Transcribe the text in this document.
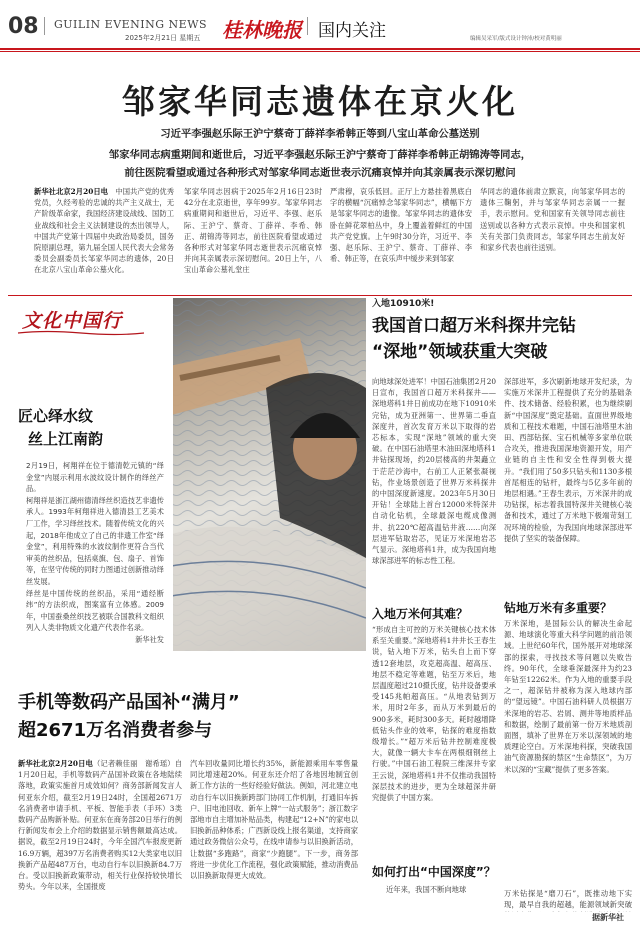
08 GUILIN EVENING NEWS
2025年2月21日 星期五 桂林晚报 国内关注	编辑吴采军/版式设计钟沛/校对黄明丽
邹家华同志遗体在京火化
习近平李强赵乐际王沪宁蔡奇丁薛祥李希韩正等到八宝山革命公墓送别
邹家华同志病重期间和逝世后，习近平李强赵乐际王沪宁蔡奇丁薛祥李希韩正胡锦涛等同志，
前往医院看望或通过各种形式对邹家华同志逝世表示沉痛哀悼并向其亲属表示深切慰问
新华社北京2月20日电　 中国共产党的优秀党员，久经考验的忠诚的共产主义战士，无产阶级革命家，我国经济建设战线、国防工业战线和社会主义法制建设的杰出领导人，中国共产党第十四届中央政治局委员，国务院原副总理，第九届全国人民代表大会常务委员会副委员长邹家华同志的遗体，20日在北京八宝山革命公墓火化。
邹家华同志因病于2025年2月16日23时42分在北京逝世，享年99岁。邹家华同志病重期间和逝世后，习近平、李强、赵乐际、王沪宁、蔡奇、丁薛祥、李希、韩正、胡锦涛等同志，前往医院看望或通过各种形式对邹家华同志逝世表示沉痛哀悼并向其亲属表示深切慰问。20日上午，八宝山革命公墓礼堂庄
严肃穆，哀乐低回。正厅上方悬挂着黑底白字的横幅“沉痛悼念邹家华同志”，横幅下方是邹家华同志的遗像。邹家华同志的遗体安卧在鲜花翠柏丛中，身上覆盖着鲜红的中国共产党党旗。上午9时30分许，习近平、李强、赵乐际、王沪宁、蔡奇、丁薛祥、李希、韩正等，在哀乐声中缓步来到邹家
华同志的遗体前肃立默哀，向邹家华同志的遗体三鞠躬，并与邹家华同志亲属一一握手，表示慰问。党和国家有关领导同志前往送别或以各种方式表示哀悼。中央和国家机关有关部门负责同志，邹家华同志生前友好和家乡代表也前往送别。
文化中国行
匠心绎水纹
丝上江南韵
2月19日，柯翔祥在位于德清乾元镇的“绎金堂”内展示利用水波纹设计制作的绎丝产品。
柯翔祥是浙江湖州德清绎丝织造技艺非遗传承人。1993年柯翔祥进入德清县工艺美术厂工作，学习绎丝技术。随着传统文化的兴起，2018年他成立了自己的非遗工作室“绎金堂”，利用特殊的水波纹制作更符合当代审美的丝织品，包括桌旗、包、扇子、首饰等，在坚守传统的同时力图通过创新推动绎丝发展。
绎丝是中国传统的丝织品，采用“通经断纬”的方法织成，图案富有立体感。2009年，中国蚕桑丝织技艺被联合国教科文组织列入人类非物质文化遗产代表作名录。
新华社发
入地10910米!
我国首口超万米科探井完钻
“深地”领域获重大突破
向地球深处进军！中国石油集团2月20日宣布，我国首口超万米科探井——深地塔科1井日前成功在地下10910米完钻，成为亚洲第一、世界第二垂直深度井，首次发育万米以下取得的岩芯标本，实现“深地”领域的重大突破。在中国石油塔里木油田深地塔科1井钻探现场，约20层楼高的井架矗立于茫茫沙海中，右前工人正紧张凝视钻，作业场景创造了世界万米科探井的中国深度新速度。2023年5月30日开钻！全球陆上首台12000米特深井自动化钻机，全球最深电缆成像测井、抗220℃超高温钻井液……向深层进军钻取岩芯，见证万米深地岩芯气显示。深地塔科1井，成为我国向地球深部进军的标志性工程。
深部进军，多次刷新地球开发纪录，为实施万米深井工程提供了充分的基础条件、技术储备、经验积累，也为继续刷新“中国深度”奠定基础。直面世界级地质和工程技术难题，中国石油塔里木油田、西部钻探、宝石机械等多家单位联合攻关，推进我国深地资源开发，用产业链的自主性和安全性得到极大提升。“我们用了50多只钻头和1130多根首尾相连的钻杆，最终与5亿多年前的地层相遇。”王春生表示，万米深井的成功钻探，标志着我国特深井关键核心装备和技术，通过了万米地下极端苛刻工况环境的检验，为我国向地球深部进军提供了坚实的装备保障。
入地万米何其难？
“形成自主可控的万米关键核心技术体系至关重要。”深地塔科1井井长王春生说，钻入地下万米，钻头自上而下穿透12套地层，攻克超高温、超高压、地层不稳定等难题，钻至万米后，地层温度超过210摄氏度，钻井设备要承受145兆帕超高压。“从地表钻到万米，用时2年多，而从万米到最后的900多米，耗时300多天。耗时越增降低钻头作业的效率，钻探的难度指数级增长。”“超万米后钻井控制难度极大，就像一辆大卡车在两根细钢丝上行驶。”中国石油工程院三维深井专家王云说，深地塔科1井不仅推动我国特深层技术的进步，更为全球超深井研究提供了中国方案。
钻地万米有多重要？
万米深地，是国际公认的解决生命起源、地球演化等重大科学问题的前沿领域。上世纪60年代，国外展开对地球深部的探索，寻找技术等问题以失败告终。90年代，全球垂深最深井为约23年钻至12262米。作为入地的重要手段之一，超深钻井被称为深入地球内部的“望远镜”。中国石油科研人员根据万米深地的岩芯、岩屑、测井等地质样品和数据，绘制了最前第一份万米地质剖面图，填补了世界在万米以深领域的地质理论空白。万米深地科探，突破我国油气资源勘探的禁区“生命禁区”，为万米以深的“宝藏”提供了更多答案。
如何打出“中国深度”？
近年来，我国不断向地球	万米钻探是“磨刀石”，既推动地下实现，最早自我的超越，能源领域新突破
据新华社
手机等数码产品国补“满月”
超2671万名消费者参与
新华社北京2月20日电（记者赖佳丽　谢希瑶）自1月20日起，手机等数码产品国补政策在各地陆续落地，政策实施首月成效如何？商务部新闻发言人何亚东介绍，截至2月19日24时，全国超2671万名消费者申请手机、平板、智能手表（手环）3类数码产品购新补贴。何亚东在商务部20日举行的例行新闻发布会上介绍的数据显示销售额最高达成。据说，截至2月19日24时，今年全国汽车报废更新16.9万辆，超397万名消费者购买12大类家电以旧换新产品超487万台，电动自行车以旧换新84.7万台。受以旧换新政策带动，相关行业保持较快增长势头。今年以来，全国报废
汽车回收量同比增长约35%，新能源乘用车零售量同比增速超20%。何亚东还介绍了各地因地制宜创新工作方法的一些好经验好做法。例如，河北建立电动自行车以旧换新跨部门协同工作机制，打通旧车拆户、旧电池回收、新车上牌“一站式服务”；浙江数字部地市自主增加补贴品类，构建起“12+N”的家电以旧换新品种体系；广西新设线上报名渠道，支持商家通过政务微信公众号，在线申请参与以旧换新活动，让数据“多跑路”，商家“少跑腿”。下一步，商务部将进一步优化工作流程，强化政策赋能，推动消费品以旧换新取得更大成效。
